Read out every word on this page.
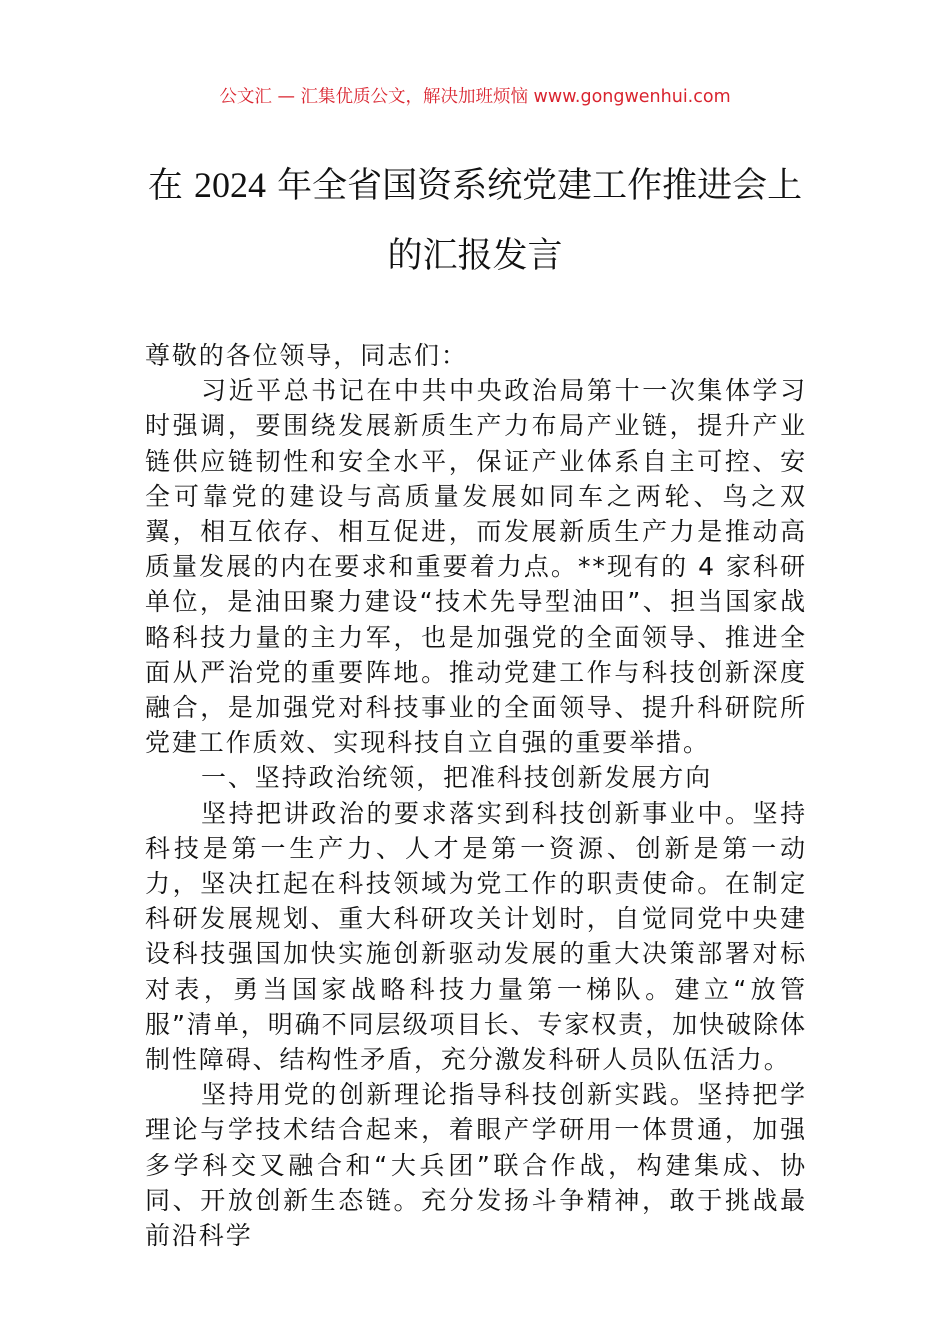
公文汇 — 汇集优质公文，解决加班烦恼 www.gongwenhui.com
在 2024 年全省国资系统党建工作推进会上的汇报发言

尊敬的各位领导，同志们：

习近平总书记在中共中央政治局第十一次集体学习时强调，要围绕发展新质生产力布局产业链，提升产业链供应链韧性和安全水平，保证产业体系自主可控、安全可靠党的建设与高质量发展如同车之两轮、鸟之双翼，相互依存、相互促进，而发展新质生产力是推动高质量发展的内在要求和重要着力点。**现有的 4 家科研单位，是油田聚力建设“技术先导型油田”、担当国家战略科技力量的主力军，也是加强党的全面领导、推进全面从严治党的重要阵地。推动党建工作与科技创新深度融合，是加强党对科技事业的全面领导、提升科研院所党建工作质效、实现科技自立自强的重要举措。

一、坚持政治统领，把准科技创新发展方向

坚持把讲政治的要求落实到科技创新事业中。坚持科技是第一生产力、人才是第一资源、创新是第一动力，坚决扛起在科技领域为党工作的职责使命。在制定科研发展规划、重大科研攻关计划时，自觉同党中央建设科技强国加快实施创新驱动发展的重大决策部署对标对表，勇当国家战略科技力量第一梯队。建立“放管服”清单，明确不同层级项目长、专家权责，加快破除体制性障碍、结构性矛盾，充分激发科研人员队伍活力。

坚持用党的创新理论指导科技创新实践。坚持把学理论与学技术结合起来，着眼产学研用一体贯通，加强多学科交叉融合和“大兵团”联合作战，构建集成、协同、开放创新生态链。充分发扬斗争精神，敢于挑战最前沿科学
